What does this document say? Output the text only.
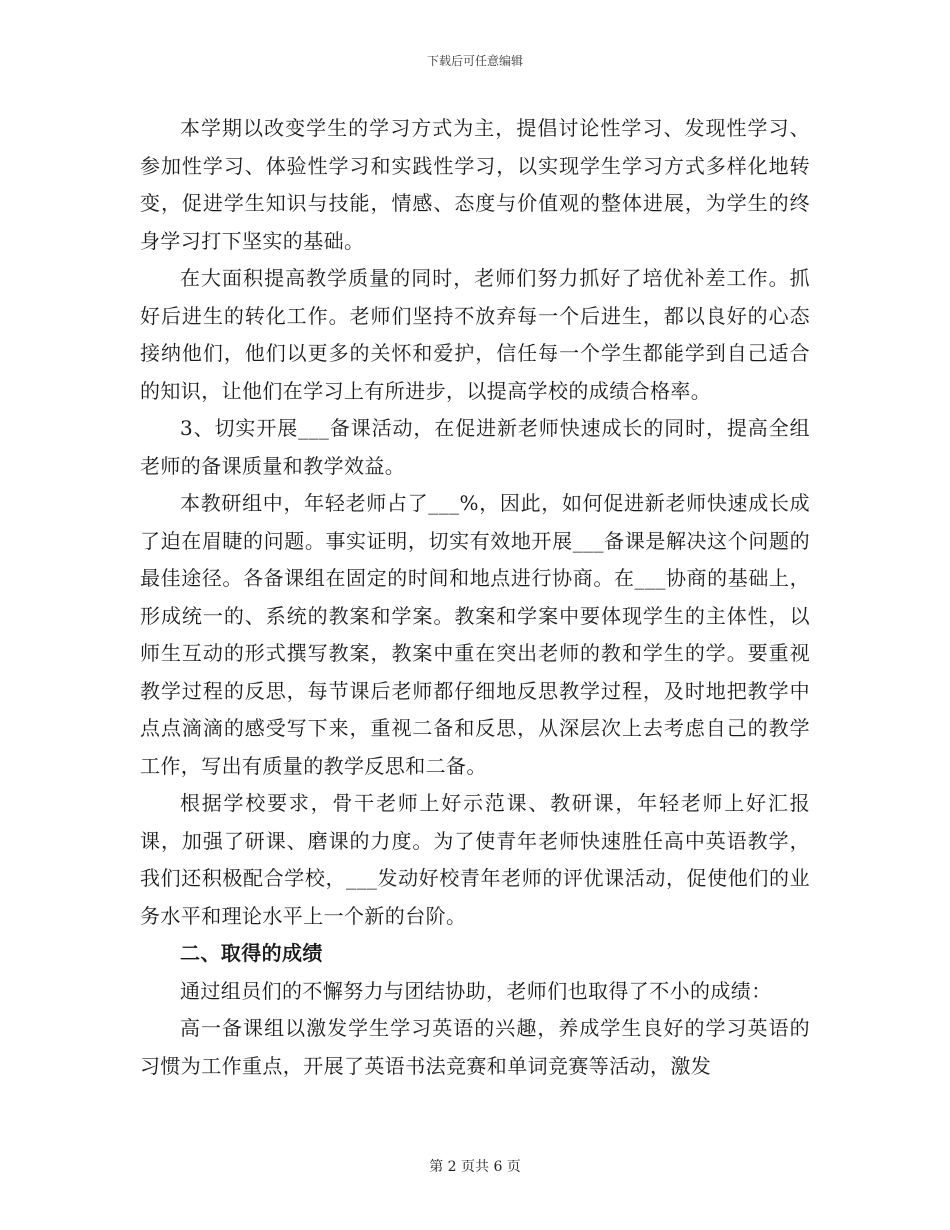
下载后可任意编辑

本学期以改变学生的学习方式为主，提倡讨论性学习、发现性学习、参加性学习、体验性学习和实践性学习，以实现学生学习方式多样化地转变，促进学生知识与技能，情感、态度与价值观的整体进展，为学生的终身学习打下坚实的基础。

在大面积提高教学质量的同时，老师们努力抓好了培优补差工作。抓好后进生的转化工作。老师们坚持不放弃每一个后进生，都以良好的心态接纳他们，他们以更多的关怀和爱护，信任每一个学生都能学到自己适合的知识，让他们在学习上有所进步，以提高学校的成绩合格率。

3、切实开展___备课活动，在促进新老师快速成长的同时，提高全组老师的备课质量和教学效益。

本教研组中，年轻老师占了___%，因此，如何促进新老师快速成长成了迫在眉睫的问题。事实证明，切实有效地开展___备课是解决这个问题的最佳途径。各备课组在固定的时间和地点进行协商。在___协商的基础上，形成统一的、系统的教案和学案。教案和学案中要体现学生的主体性，以师生互动的形式撰写教案，教案中重在突出老师的教和学生的学。要重视教学过程的反思，每节课后老师都仔细地反思教学过程，及时地把教学中点点滴滴的感受写下来，重视二备和反思，从深层次上去考虑自己的教学工作，写出有质量的教学反思和二备。

根据学校要求，骨干老师上好示范课、教研课，年轻老师上好汇报课，加强了研课、磨课的力度。为了使青年老师快速胜任高中英语教学，我们还积极配合学校，___发动好校青年老师的评优课活动，促使他们的业务水平和理论水平上一个新的台阶。

二、取得的成绩

通过组员们的不懈努力与团结协助，老师们也取得了不小的成绩：

高一备课组以激发学生学习英语的兴趣，养成学生良好的学习英语的习惯为工作重点，开展了英语书法竞赛和单词竞赛等活动，激发

第 2 页共 6 页
